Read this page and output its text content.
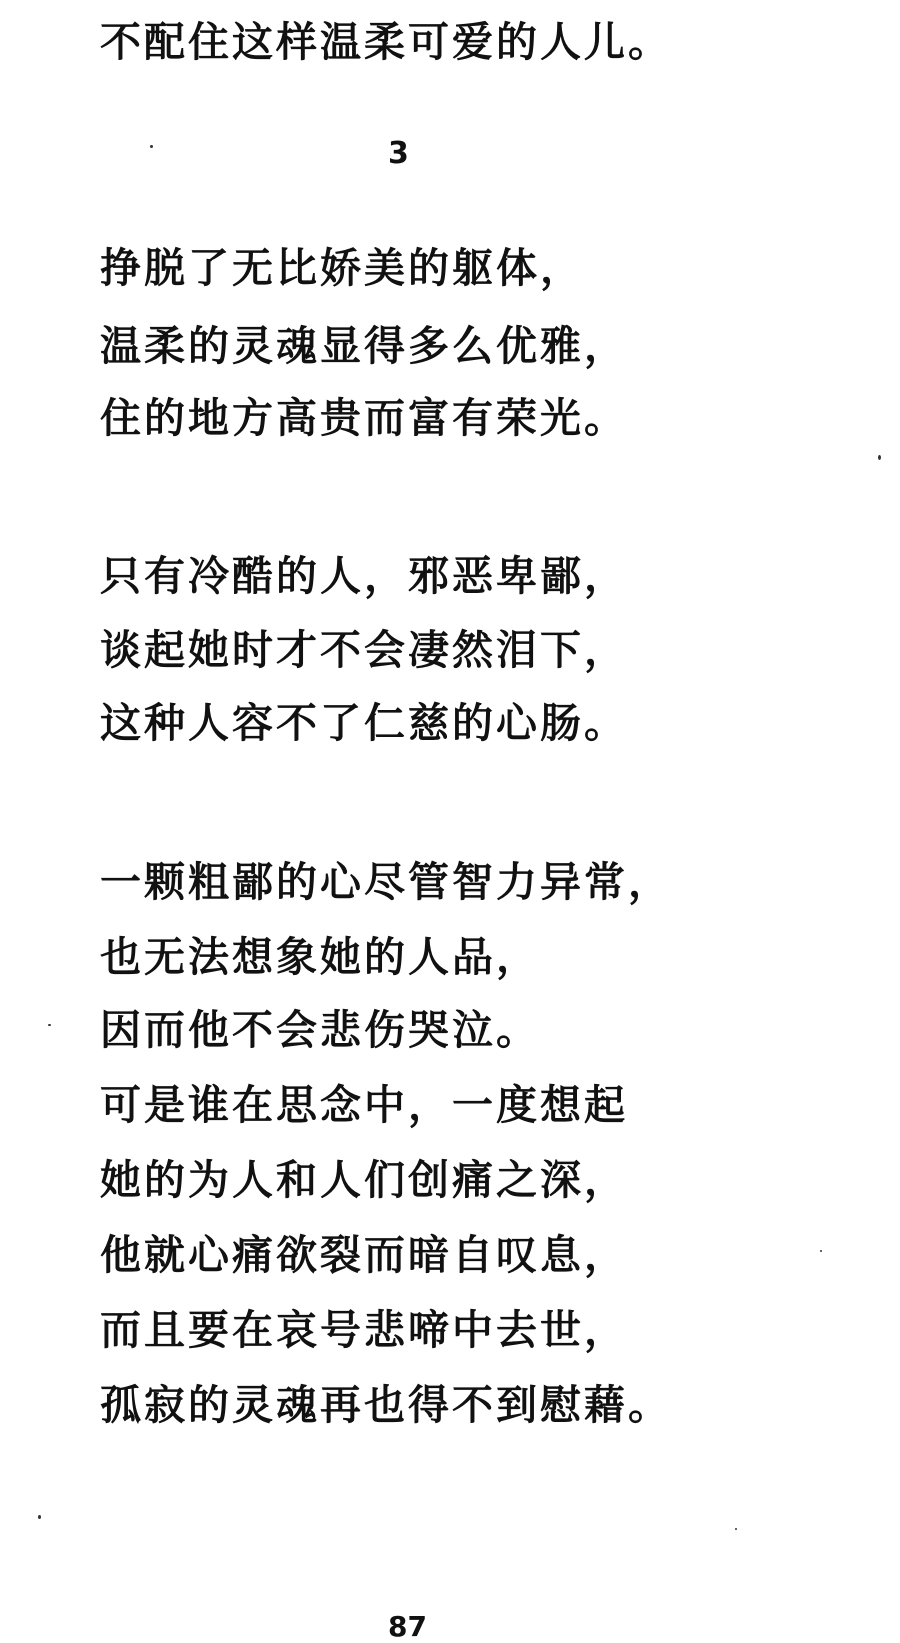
不配住这样温柔可爱的人儿。
3
挣脱了无比娇美的躯体，
温柔的灵魂显得多么优雅，
住的地方高贵而富有荣光。
只有冷酷的人，邪恶卑鄙，
谈起她时才不会凄然泪下，
这种人容不了仁慈的心肠。
一颗粗鄙的心尽管智力异常，
也无法想象她的人品，
因而他不会悲伤哭泣。
可是谁在思念中，一度想起
她的为人和人们创痛之深，
他就心痛欲裂而暗自叹息，
而且要在哀号悲啼中去世，
孤寂的灵魂再也得不到慰藉。
87
